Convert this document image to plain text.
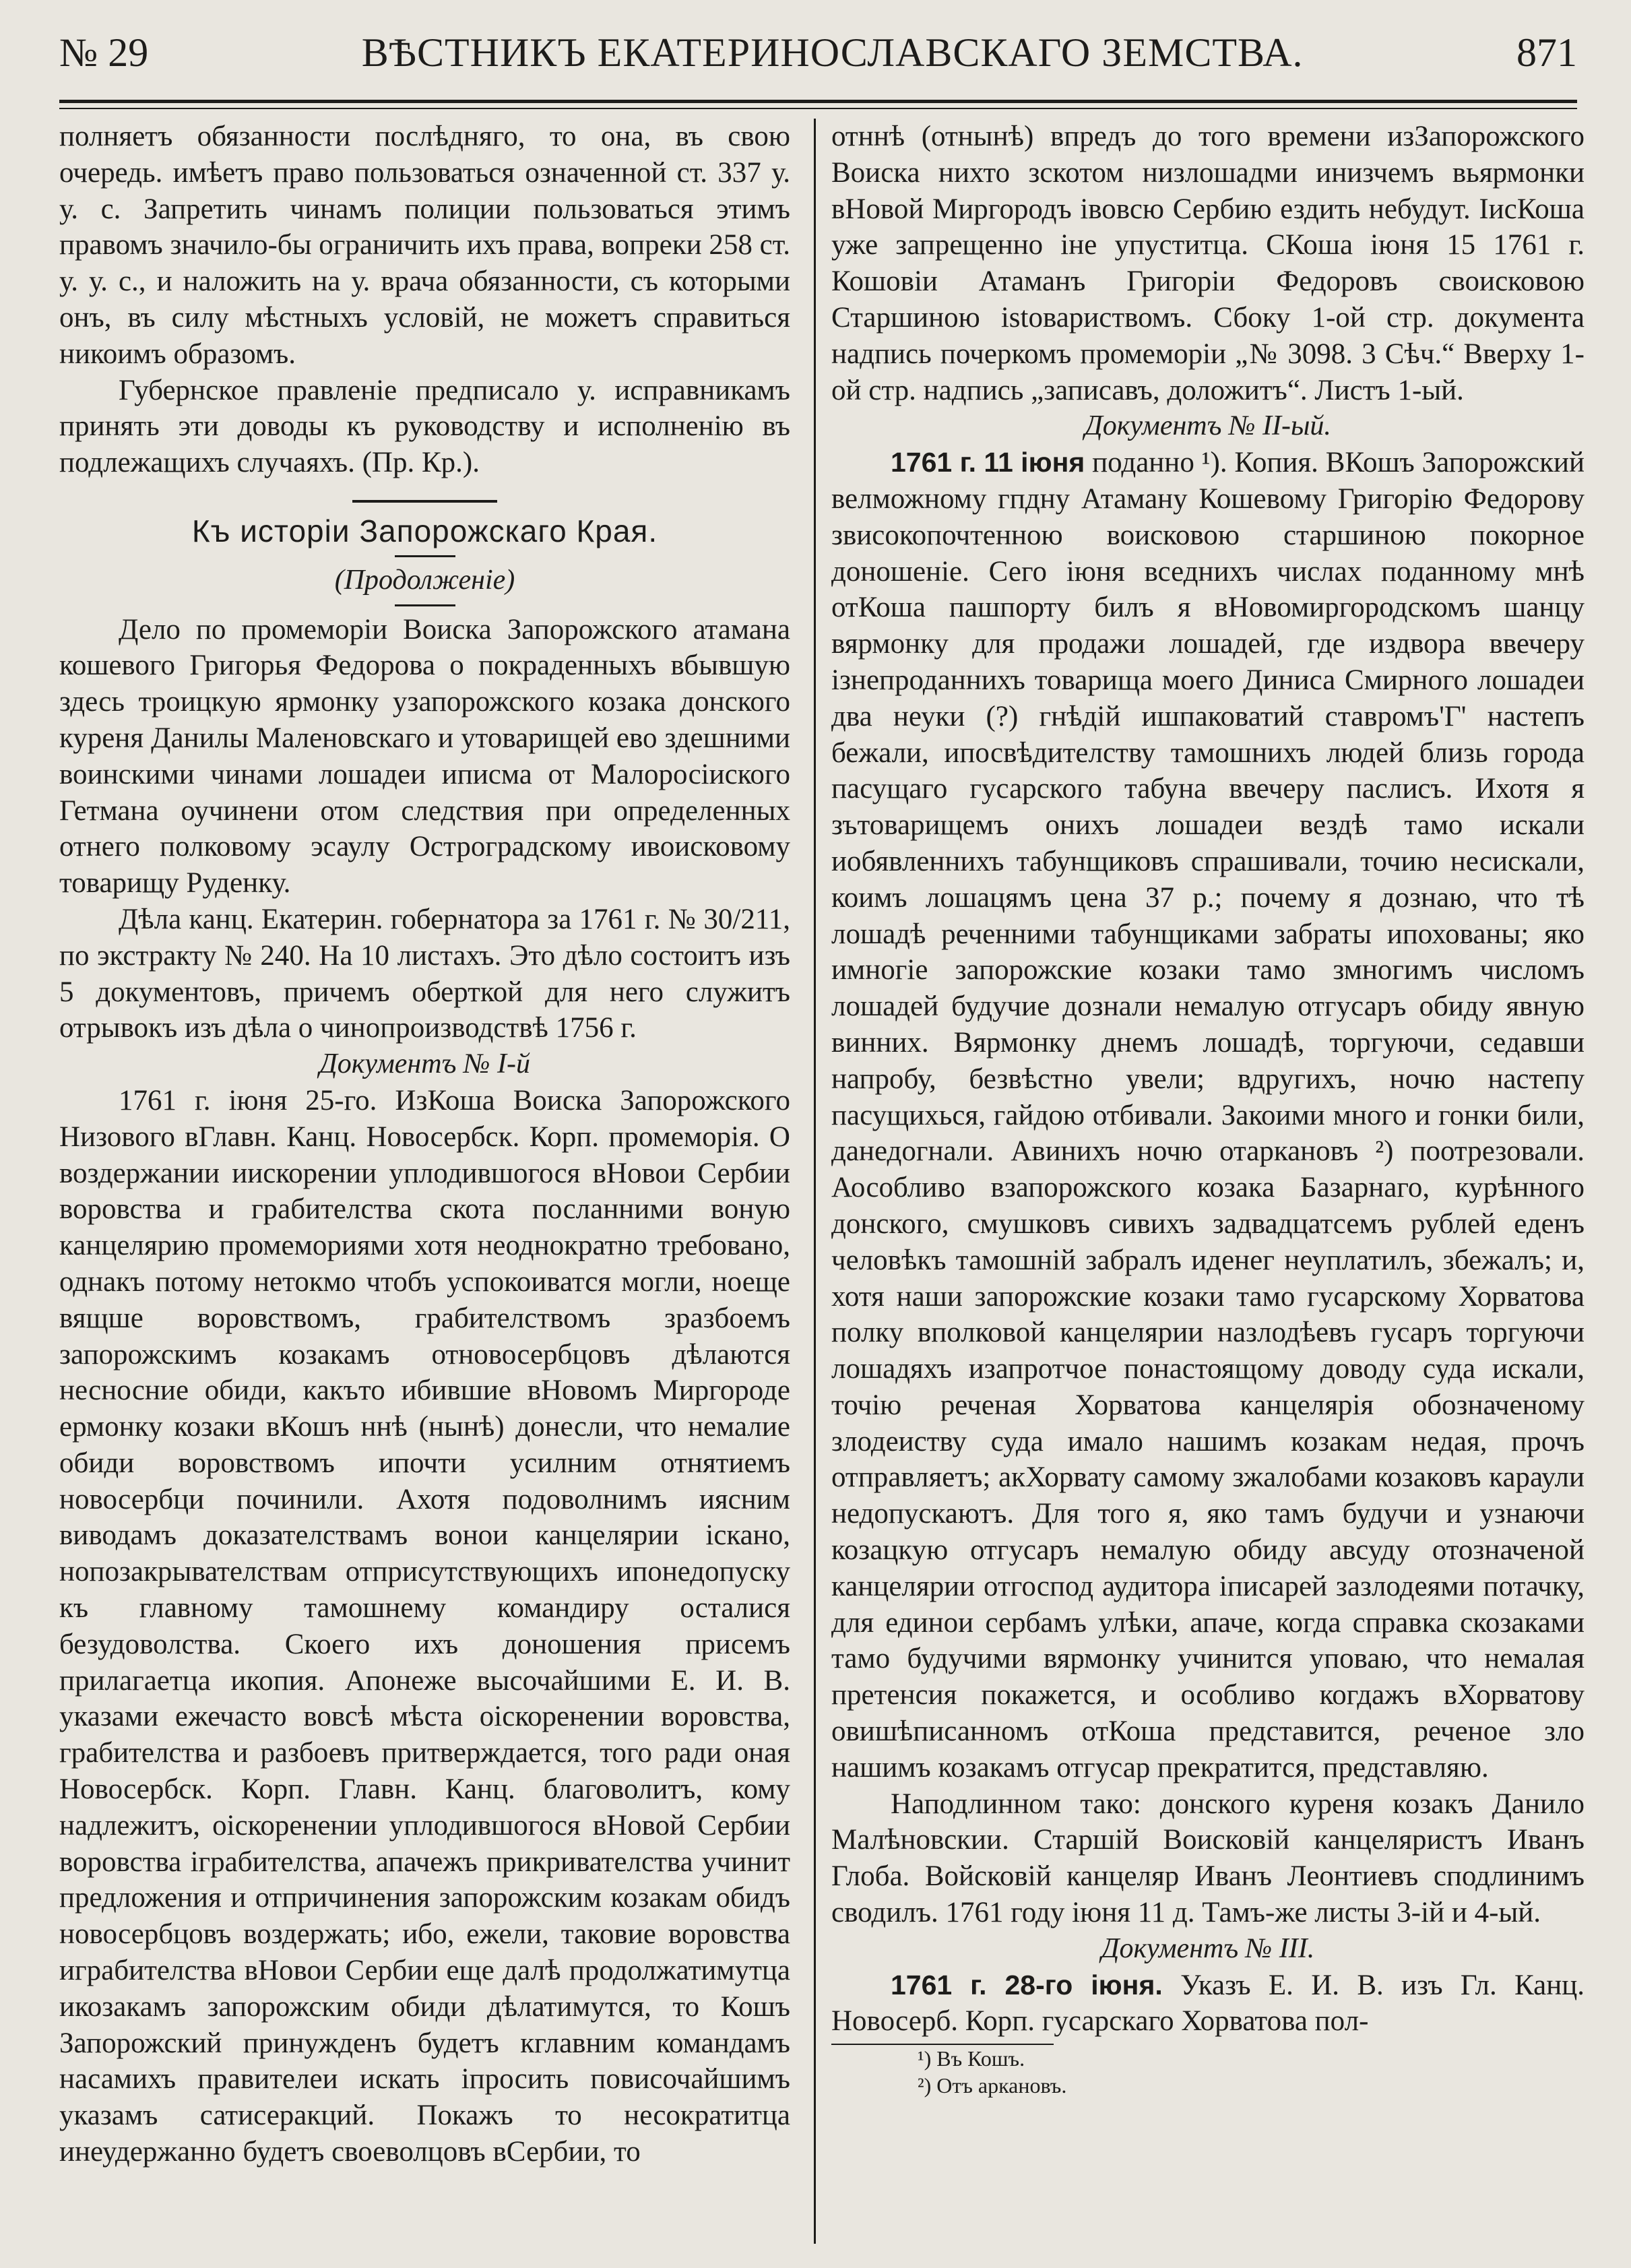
№ 29	ВѢСТНИКЪ ЕКАТЕРИНОСЛАВСКАГО ЗЕМСТВА.	871

полняетъ обязанности послѣдняго, то она, въ свою очередь. имѣетъ право пользоваться означенной ст. 337 у. у. с. Запретить чинамъ полиции пользоваться этимъ правомъ значило-бы ограничить ихъ права, вопреки 258 ст. у. у. с., и наложить на у. врача обязанности, съ которыми онъ, въ силу мѣстныхъ условій, не можетъ справиться никоимъ образомъ.

Губернское правленіе предписало у. исправникамъ принять эти доводы къ руководству и исполненію въ подлежащихъ случаяхъ. (Пр. Кр.).

Къ исторіи Запорожскаго Края.
(Продолженіе)

Дело по промеморіи Воиска Запорожского атамана кошевого Григорья Федорова о покраденныхъ вбывшую здесь троицкую ярмонку узапорожского козака донского куреня Данилы Маленовскаго и утоварищей ево здешними воинскими чинами лошадеи иписма от Малоросіиского Гетмана оучинени отом следствия при определенных отнего полковому эсаулу Остроградскому ивоисковому товарищу Руденку.

Дѣла канц. Екатерин. гобернатора за 1761 г. № 30/211, по экстракту № 240. На 10 листахъ. Это дѣло состоитъ изъ 5 документовъ, причемъ оберткой для него служитъ отрывокъ изъ дѣла о чинопроизводствѣ 1756 г.

Документъ № І-й

1761 г. іюня 25-го. ИзКоша Воиска Запорожского Низового вГлавн. Канц. Новосербск. Корп. промеморія. О воздержании иискорении уплодившогося вНовои Сербии воровства и грабителства скота посланними воную канцелярию промемориями хотя неоднократно требовано, однакъ потому нетокмо чтобъ успокоиватся могли, ноеще вящше воровствомъ, грабителствомъ зразбоемъ запорожскимъ козакамъ отновосербцовъ дѣлаются несносние обиди, какъто ибившие вНовомъ Миргороде ермонку козаки вКошъ ннѣ (нынѣ) донесли, что немалие обиди воровствомъ ипочти усилним отнятиемъ новосербци починили. Ахотя подоволнимъ иясним виводамъ доказателствамъ вонои канцелярии іскано, нопозакрывателствам отприсутствующихъ ипонедопуску къ главному тамошнему командиру осталися безудоволства. Скоего ихъ доношения присемъ прилагаетца икопия. Апонеже высочайшими Е. И. В. указами ежечасто вовсѣ мѣста оіскоренении воровства, грабителства и разбоевъ притверждается, того ради оная Новосербск. Корп. Главн. Канц. благоволитъ, кому надлежитъ, оіскоренении уплодившогося вНовой Сербии воровства іграбителства, апачежъ прикривателства учинит предложения и отпричинения запорожским козакам обидъ новосербцовъ воздержать; ибо, ежели, таковие воровства играбителства вНовои Сербии еще далѣ продолжатимутца икозакамъ запорожским обиди дѣлатимутся, то Кошъ Запорожский принужденъ будетъ кглавним командамъ насамихъ правителеи искать іпросить повисочайшимъ указамъ сатисеракций. Покажъ то несократитца инеудержанно будетъ своеволцовъ вСербии, то

отннѣ (отнынѣ) впредъ до того времени изЗапорожского Воиска нихто зскотом низлошадми инизчемъ вьярмонки вНовой Миргородъ івовсю Сербию ездить небудут. ІисКоша уже запрещенно іне упуститца. СКоша іюня 15 1761 г. Кошовіи Атаманъ Григоріи Федоровъ своисковою Старшиною іstовариствомъ. Сбоку 1-ой стр. документа надпись почеркомъ промеморіи „№ 3098. 3 Сѣч.“ Вверху 1-ой стр. надпись „записавъ, доложитъ“. Листъ 1-ый.

Документъ № ІІ-ый.

1761 г. 11 іюня поданно ¹). Копия. ВКошъ Запорожский велможному гпдну Атаману Кошевому Григорію Федорову звисокопочтенною воисковою старшиною покорное доношеніе. Сего іюня вседнихъ числах поданному мнѣ отКоша пашпорту билъ я вНовомиргородскомъ шанцу вярмонку для продажи лошадей, где издвора ввечеру ізнепроданнихъ товарища моего Диниса Смирного лошадеи два неуки (?) гнѣдій ишпаковатий ставромъ'Г' настепъ бежали, ипосвѣдителству тамошнихъ людей близь города пасущаго гусарского табуна ввечеру паслисъ. Ихотя я зътоварищемъ онихъ лошадеи вездѣ тамо искали иобявленнихъ табунщиковъ спрашивали, точию несискали, коимъ лошацямъ цена 37 р.; почему я дознаю, что тѣ лошадѣ реченними табунщиками забраты ипохованы; яко имногіе запорожские козаки тамо змногимъ числомъ лошадей будучие дознали немалую отгусаръ обиду явную винних. Вярмонку днемъ лошадѣ, торгуючи, седавши напробу, безвѣстно увели; вдругихъ, ночю настепу пасущихься, гайдою отбивали. Закоими много и гонки били, данедогнали. Авинихъ ночю отаркановъ ²) поотрезовали. Аособливо взапорожского козака Базарнаго, курѣнного донского, смушковъ сивихъ задвадцатсемъ рублей еденъ человѣкъ тамошній забралъ иденег неуплатилъ, збежалъ; и, хотя наши запорожские козаки тамо гусарскому Хорватова полку вполковой канцелярии назлодѣевъ гусаръ торгуючи лошадяхъ изапротчое понастоящому доводу суда искали, точію реченая Хорватова канцелярія обозначеному злодеиству суда имало нашимъ козакам недая, прочъ отправляетъ; акХорвату самому зжалобами козаковъ караули недопускаютъ. Для того я, яко тамъ будучи и узнаючи козацкую отгусаръ немалую обиду авсуду отозначеной канцелярии отгоспод аудитора іписарей зазлодеями потачку, для единои сербамъ улѣки, апаче, когда справка скозаками тамо будучими вярмонку учинится уповаю, что немалая претенсия покажется, и особливо когдажъ вХорватову овишѣписанномъ отКоша представится, реченое зло нашимъ козакамъ отгусар прекратится, представляю.

Наподлинном тако: донского куреня козакъ Данило Малѣновскии. Старшій Воисковій канцеляристъ Иванъ Глоба. Войсковій канцеляр Иванъ Леонтиевъ сподлинимъ сводилъ. 1761 году іюня 11 д. Тамъ-же листы 3-ій и 4-ый.

Документъ № III.

1761 г. 28-го іюня. Указъ Е. И. В. изъ Гл. Канц. Новосерб. Корп. гусарскаго Хорватова пол-

¹) Въ Кошъ.
²) Отъ аркановъ.
